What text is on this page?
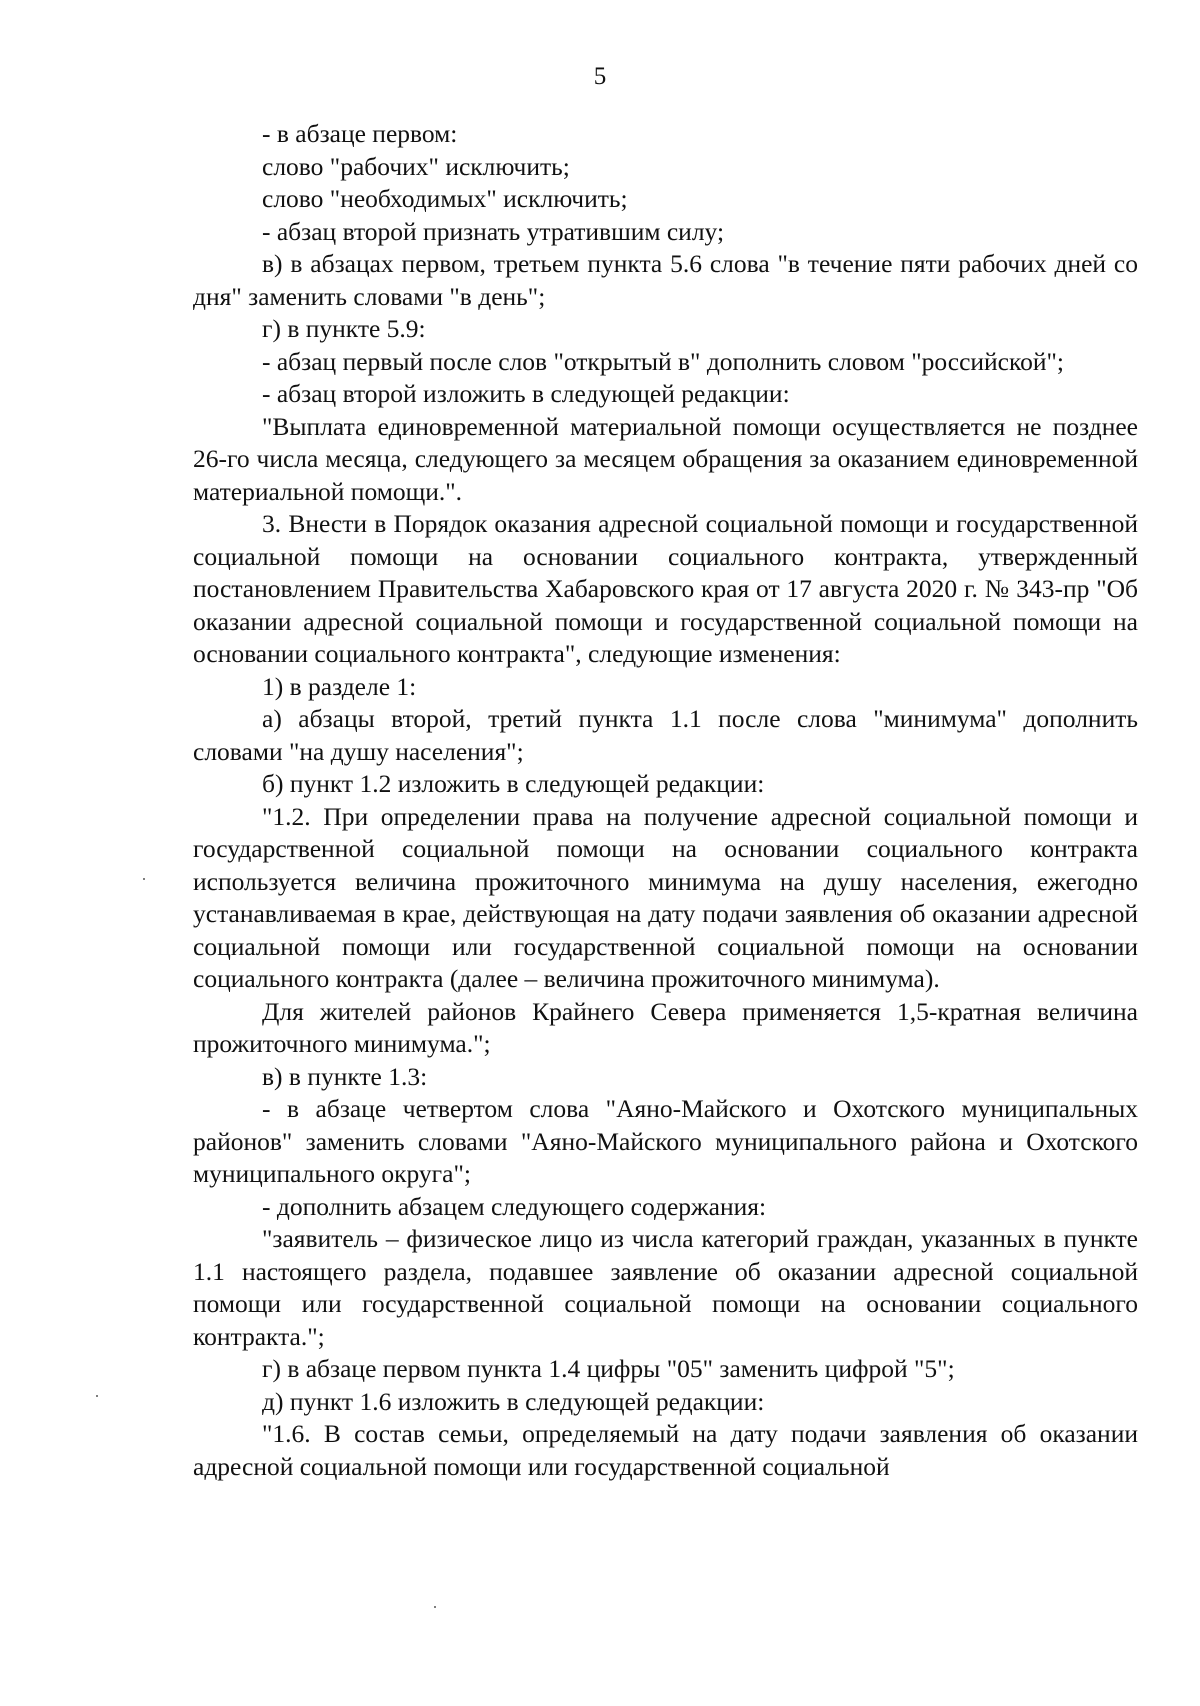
5

- в абзаце первом:

слово "рабочих" исключить;

слово "необходимых" исключить;

- абзац второй признать утратившим силу;

в) в абзацах первом, третьем пункта 5.6 слова "в течение пяти рабочих дней со дня" заменить словами "в день";

г) в пункте 5.9:

- абзац первый после слов "открытый в" дополнить словом "российской";

- абзац второй изложить в следующей редакции:

"Выплата единовременной материальной помощи осуществляется не позднее 26-го числа месяца, следующего за месяцем обращения за оказанием единовременной материальной помощи.".

3. Внести в Порядок оказания адресной социальной помощи и государственной социальной помощи на основании социального контракта, утвержденный постановлением Правительства Хабаровского края от 17 августа 2020 г. № 343-пр "Об оказании адресной социальной помощи и государственной социальной помощи на основании социального контракта", следующие изменения:

1) в разделе 1:

а) абзацы второй, третий пункта 1.1 после слова "минимума" дополнить словами "на душу населения";

б) пункт 1.2 изложить в следующей редакции:

"1.2. При определении права на получение адресной социальной помощи и государственной социальной помощи на основании социального контракта используется величина прожиточного минимума на душу населения, ежегодно устанавливаемая в крае, действующая на дату подачи заявления об оказании адресной социальной помощи или государственной социальной помощи на основании социального контракта (далее – величина прожиточного минимума).

Для жителей районов Крайнего Севера применяется 1,5-кратная величина прожиточного минимума.";

в) в пункте 1.3:

- в абзаце четвертом слова "Аяно-Майского и Охотского муниципальных районов" заменить словами "Аяно-Майского муниципального района и Охотского муниципального округа";

- дополнить абзацем следующего содержания:

"заявитель – физическое лицо из числа категорий граждан, указанных в пункте 1.1 настоящего раздела, подавшее заявление об оказании адресной социальной помощи или государственной социальной помощи на основании социального контракта.";

г) в абзаце первом пункта 1.4 цифры "05" заменить цифрой "5";

д) пункт 1.6 изложить в следующей редакции:

"1.6. В состав семьи, определяемый на дату подачи заявления об оказании адресной социальной помощи или государственной социальной
